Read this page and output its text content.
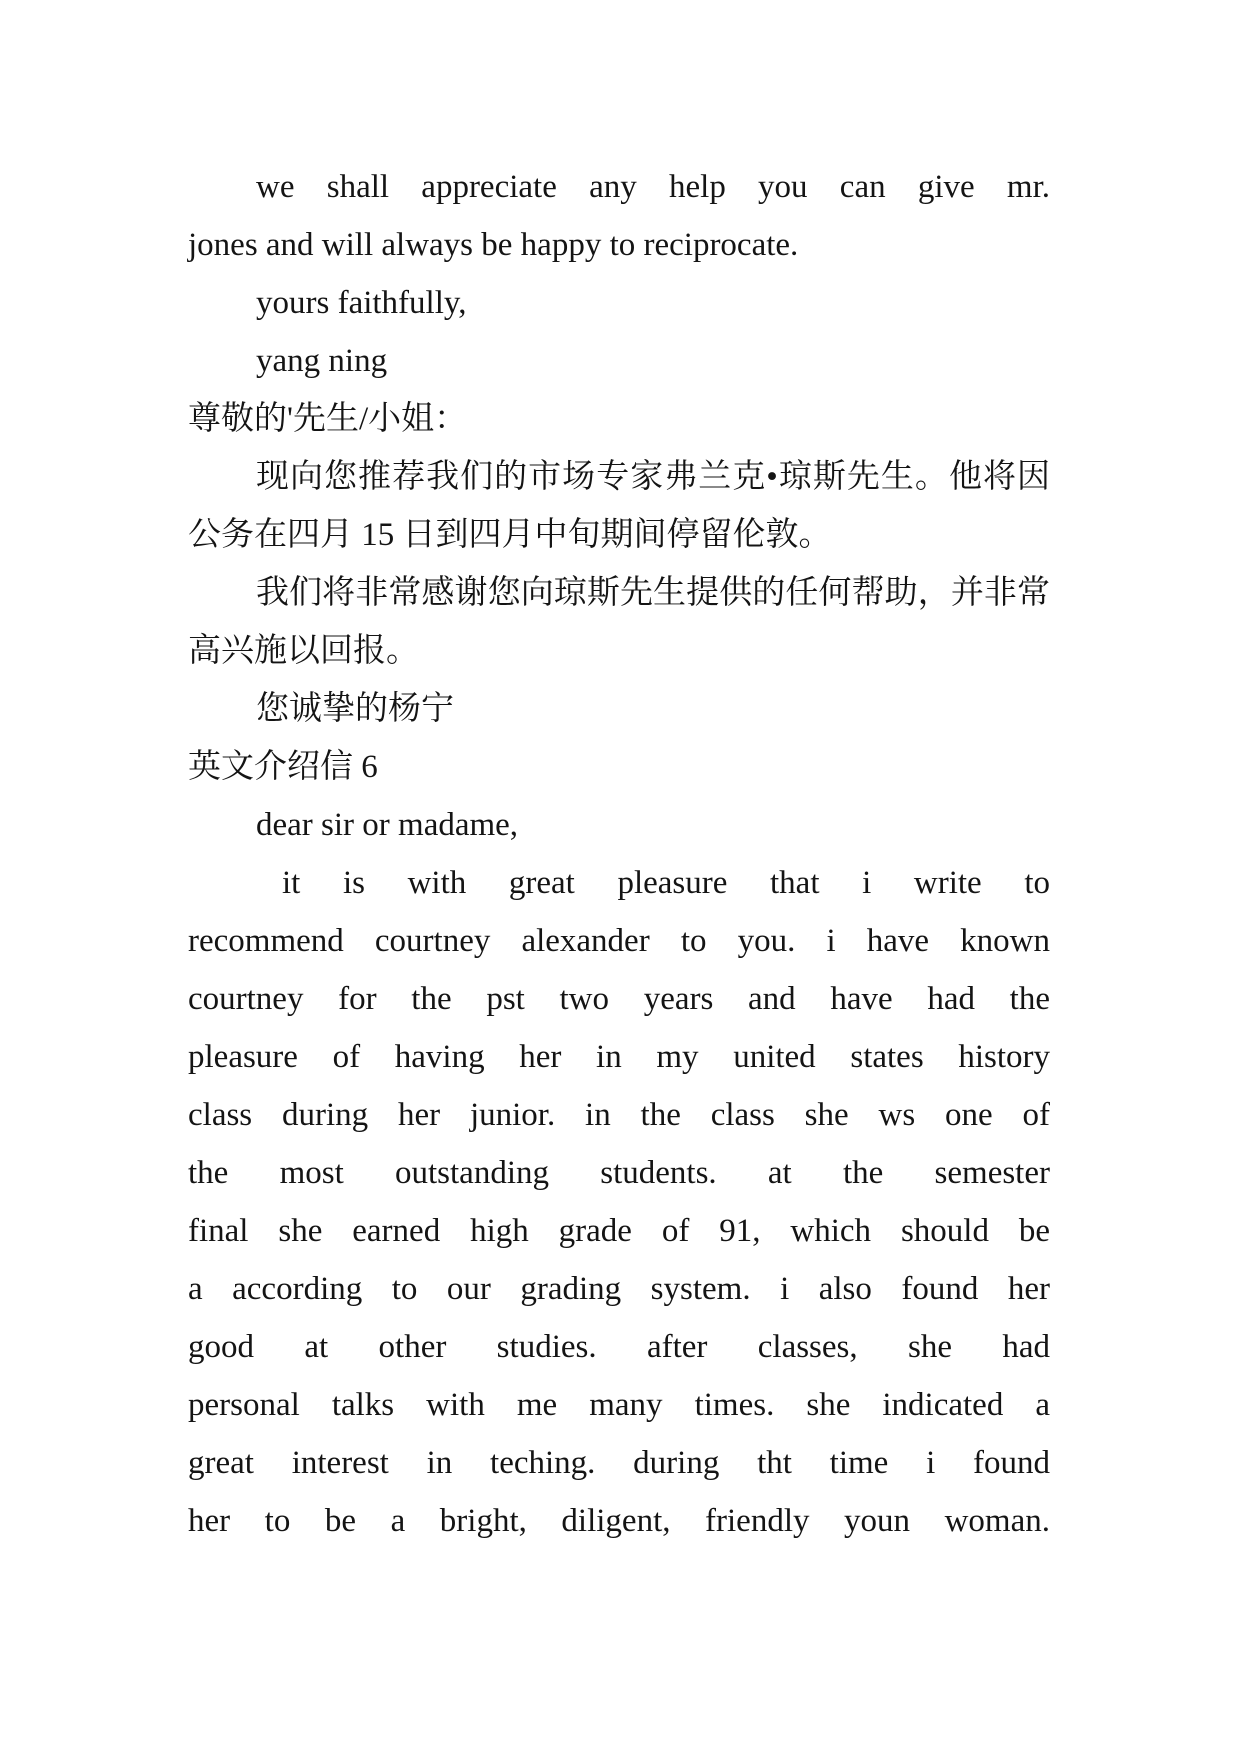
we shall appreciate any help you can give mr.
jones and will always be happy to reciprocate.
yours faithfully,
yang ning
尊敬的'先生/小姐：
现向您推荐我们的市场专家弗兰克•琼斯先生。他将因
公务在四月 15 日到四月中旬期间停留伦敦。
我们将非常感谢您向琼斯先生提供的任何帮助，并非常
高兴施以回报。
您诚挚的杨宁
英文介绍信 6
dear sir or madame,
it is with great pleasure that i write to
recommend courtney alexander to you. i have known
courtney for the pst two years and have had the
pleasure of having her in my united states history
class during her junior. in the class she ws one of
the most outstanding students. at the semester
final she earned high grade of 91, which should be
a according to our grading system. i also found her
good at other studies. after classes, she had
personal talks with me many times. she indicated a
great interest in teching. during tht time i found
her to be a bright, diligent, friendly youn woman.
